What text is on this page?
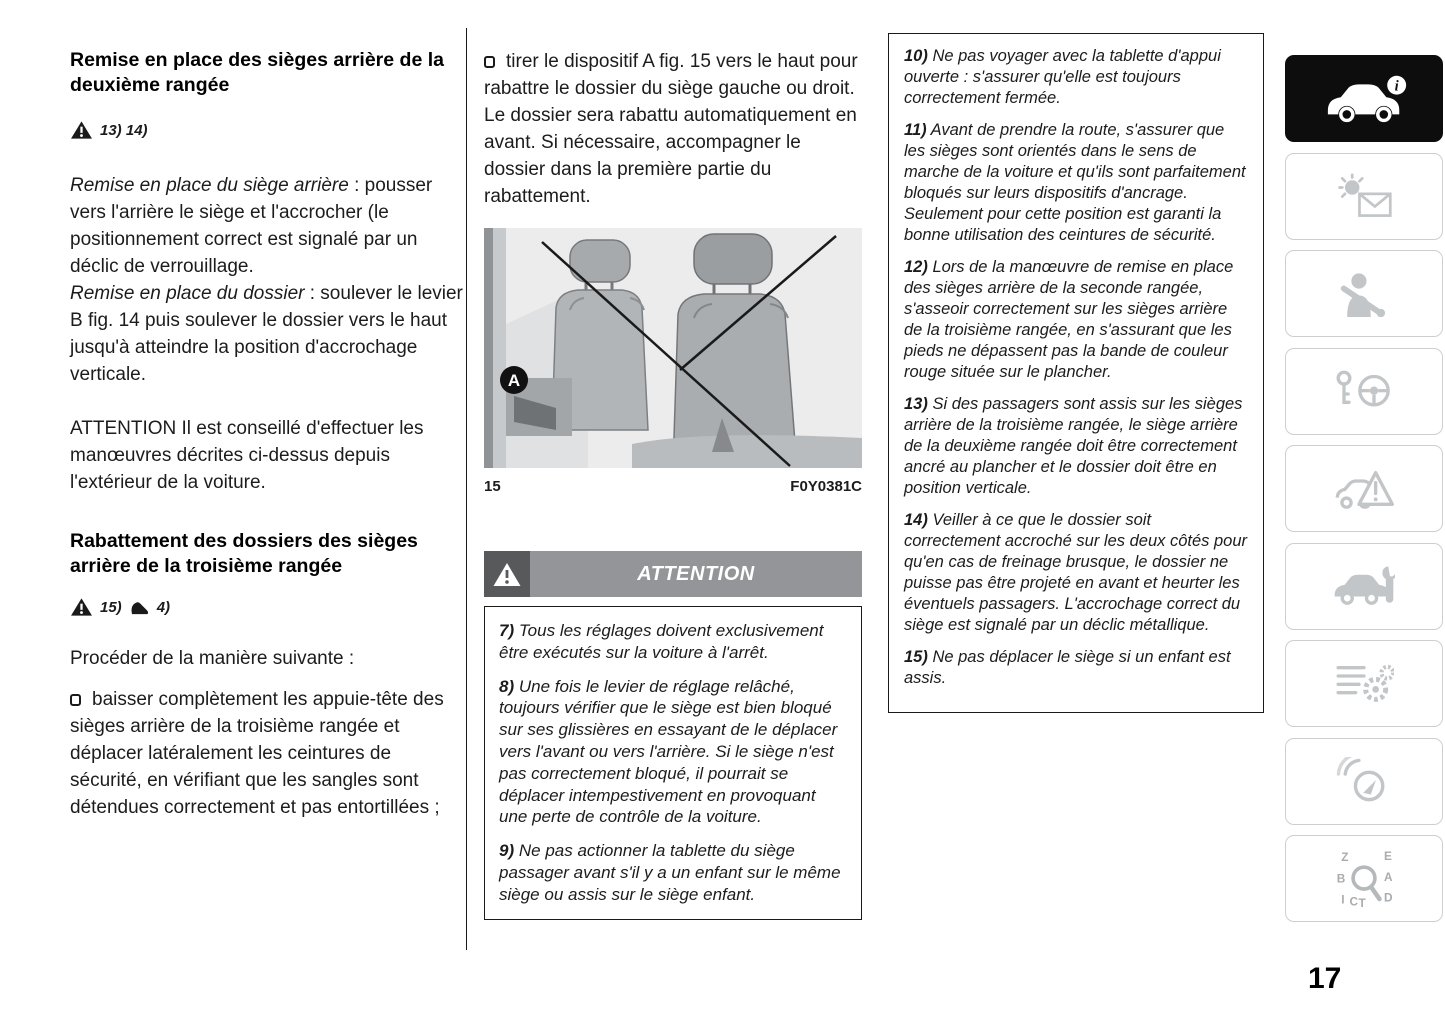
Remise en place des sièges arrière de la deuxième rangée
13) 14)

Remise en place du siège arrière : pousser vers l'arrière le siège et l'accrocher (le positionnement correct est signalé par un déclic de verrouillage.

Remise en place du dossier : soulever le levier B fig. 14 puis soulever le dossier vers le haut jusqu'à atteindre la position d'accrochage verticale.

ATTENTION Il est conseillé d'effectuer les manœuvres décrites ci-dessus depuis l'extérieur de la voiture.

Rabattement des dossiers des sièges arrière de la troisième rangée
15) 4)

Procéder de la manière suivante :

baisser complètement les appuie-tête des sièges arrière de la troisième rangée et déplacer latéralement les ceintures de sécurité, en vérifiant que les sangles sont détendues correctement et pas entortillées ;

tirer le dispositif A fig. 15 vers le haut pour rabattre le dossier du siège gauche ou droit. Le dossier sera rabattu automatiquement en avant. Si nécessaire, accompagner le dossier dans la première partie du rabattement.

A
15	F0Y0381C
ATTENTION

7) Tous les réglages doivent exclusivement être exécutés sur la voiture à l'arrêt.

8) Une fois le levier de réglage relâché, toujours vérifier que le siège est bien bloqué sur ses glissières en essayant de le déplacer vers l'avant ou vers l'arrière. Si le siège n'est pas correctement bloqué, il pourrait se déplacer intempestivement en provoquant une perte de contrôle de la voiture.

9) Ne pas actionner la tablette du siège passager avant s'il y a un enfant sur le même siège ou assis sur le siège enfant.

10) Ne pas voyager avec la tablette d'appui ouverte : s'assurer qu'elle est toujours correctement fermée.

11) Avant de prendre la route, s'assurer que les sièges sont orientés dans le sens de marche de la voiture et qu'ils sont parfaitement bloqués sur leurs dispositifs d'ancrage. Seulement pour cette position est garanti la bonne utilisation des ceintures de sécurité.

12) Lors de la manœuvre de remise en place des sièges arrière de la seconde rangée, s'asseoir correctement sur les sièges arrière de la troisième rangée, en s'assurant que les pieds ne dépassent pas la bande de couleur rouge située sur le plancher.

13) Si des passagers sont assis sur les sièges arrière de la troisième rangée, le siège arrière de la deuxième rangée doit être correctement ancré au plancher et le dossier doit être en position verticale.

14) Veiller à ce que le dossier soit correctement accroché sur les deux côtés pour qu'en cas de freinage brusque, le dossier ne puisse pas être projeté en avant et heurter les éventuels passagers. L'accrochage correct du siège est signalé par un déclic métallique.

15) Ne pas déplacer le siège si un enfant est assis.

i
Z	E
B	A
I C T D
17
